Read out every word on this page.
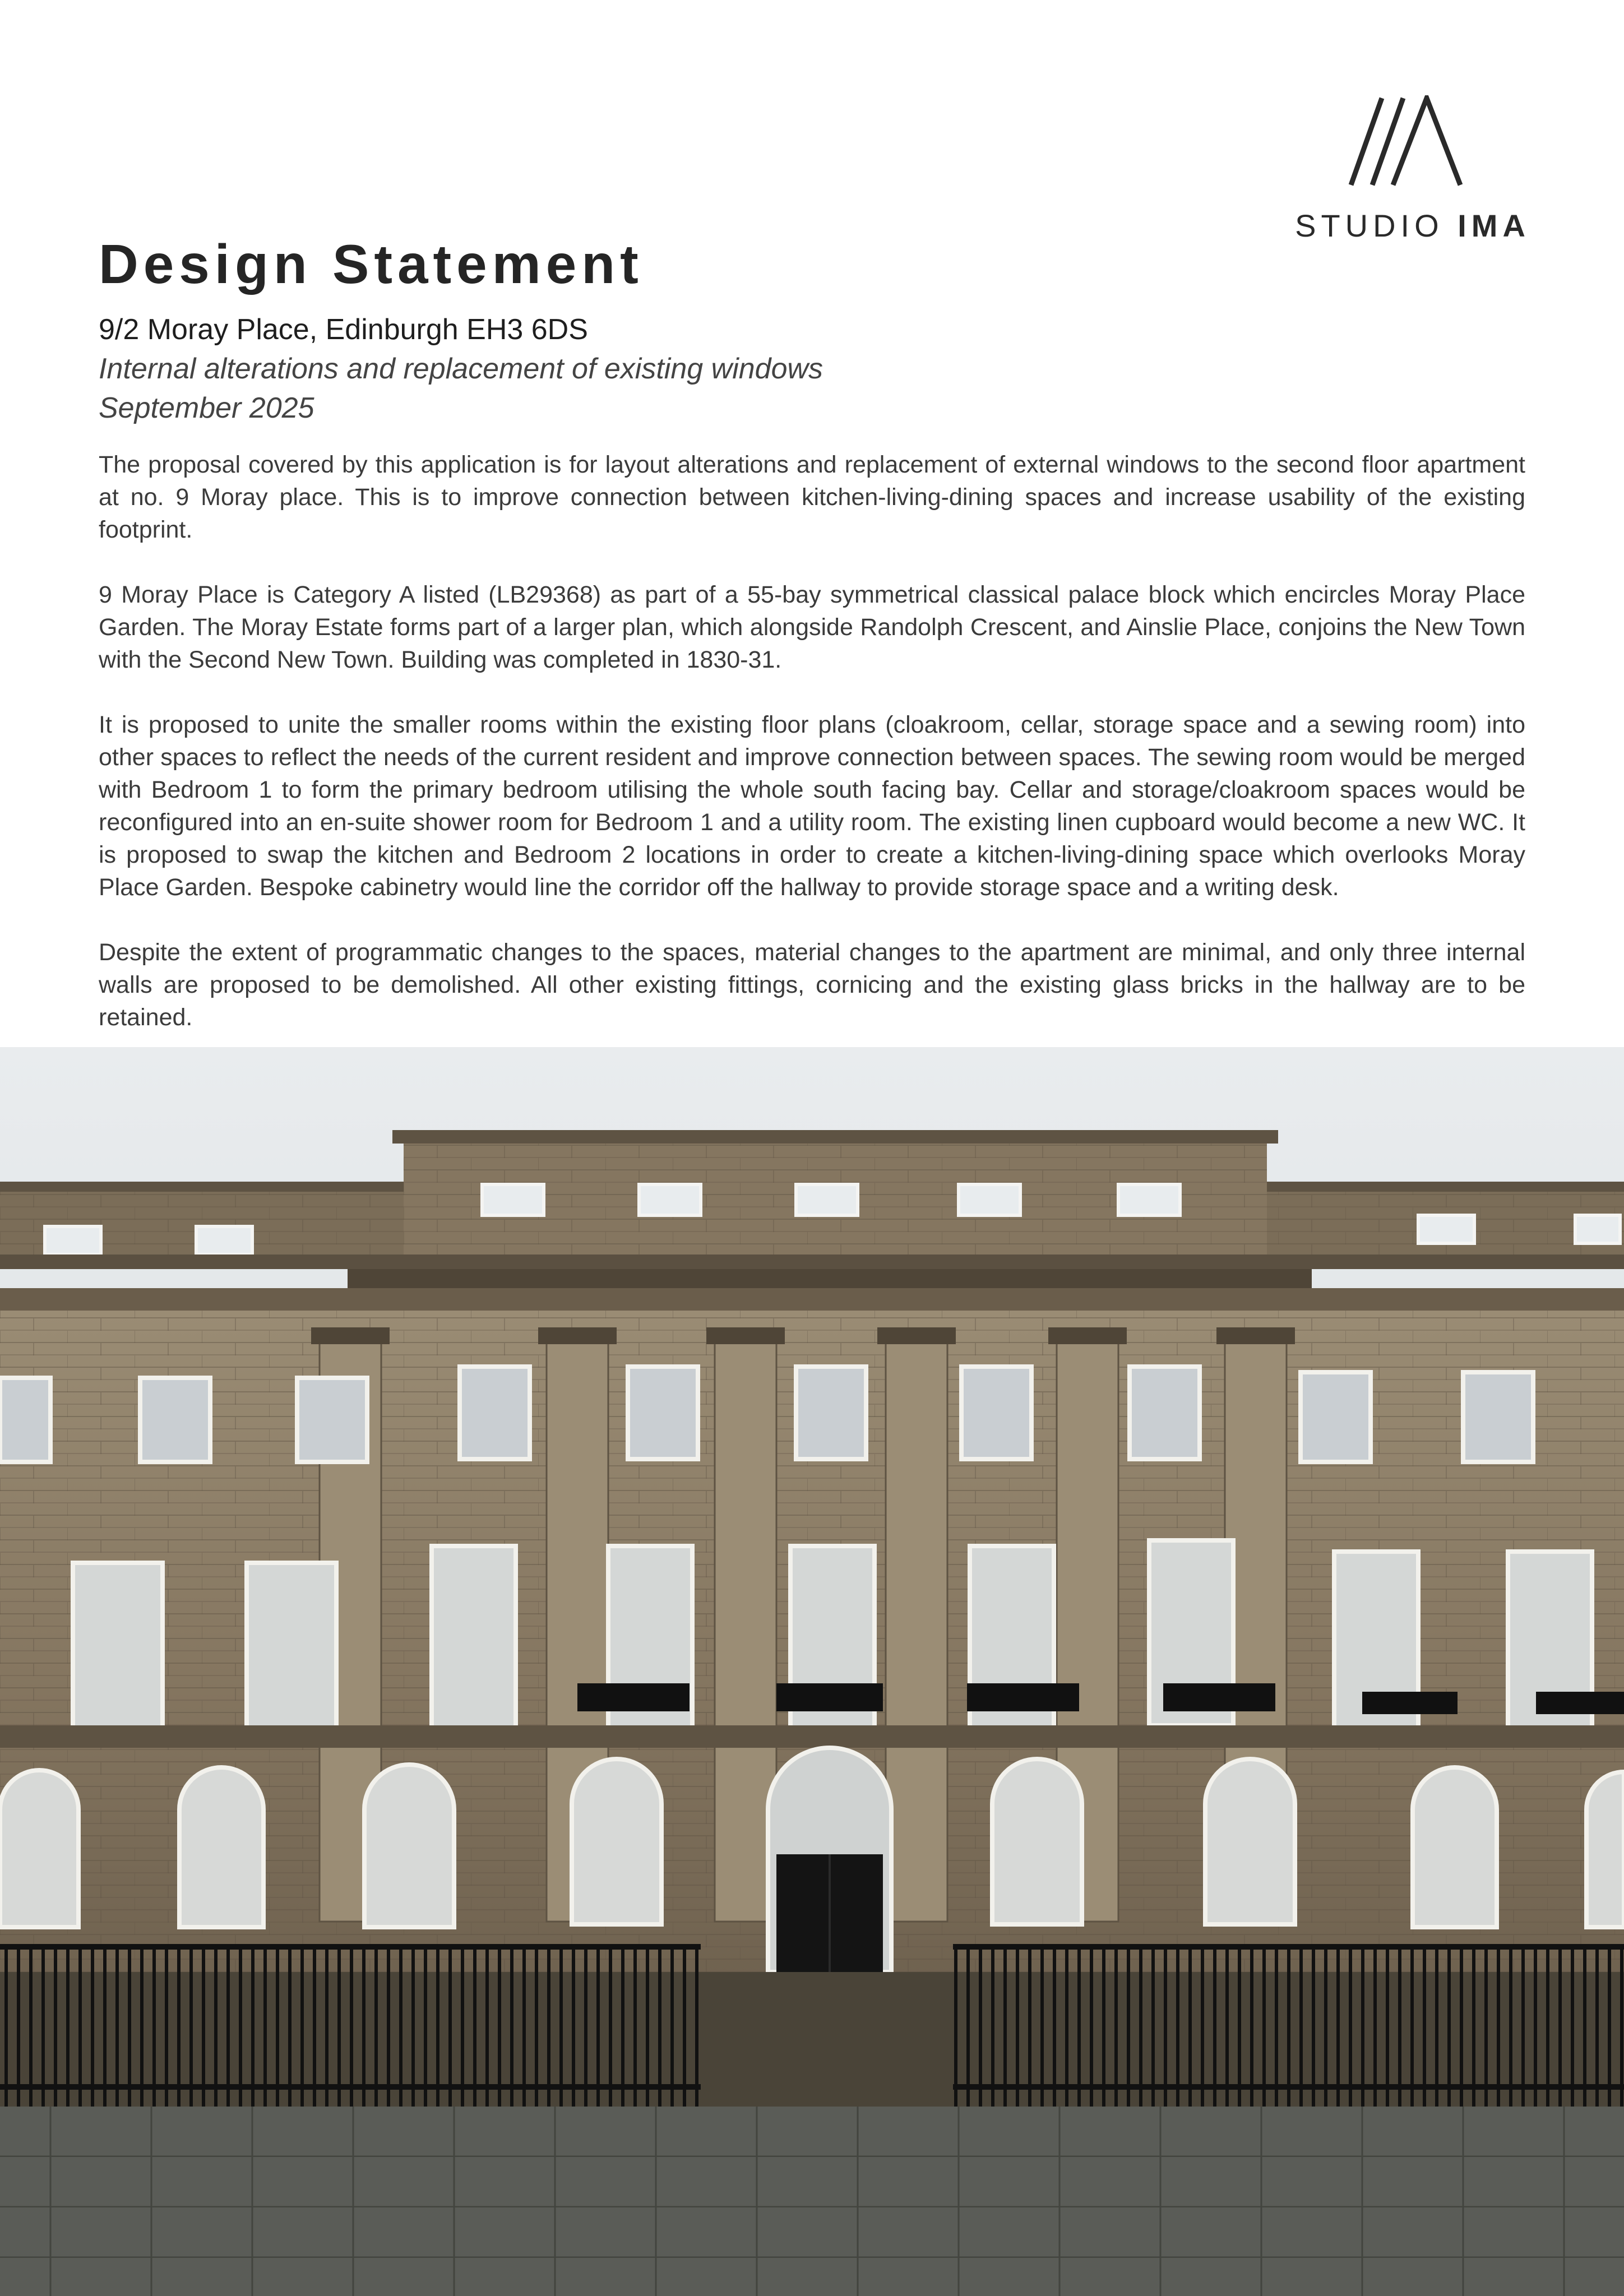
STUDIO IMA
Design Statement
9/2 Moray Place, Edinburgh EH3 6DS
Internal alterations and replacement of existing windows
September 2025

The proposal covered by this application is for layout alterations and replacement of external windows to the second floor apartment at no. 9 Moray place. This is to improve connection between kitchen-living-dining spaces and increase usability of the existing footprint.

9 Moray Place is Category A listed (LB29368) as part of a 55-bay symmetrical classical palace block which encircles Moray Place Garden. The Moray Estate forms part of a larger plan, which alongside Randolph Crescent, and Ainslie Place, conjoins the New Town with the Second New Town. Building was completed in 1830-31.

It is proposed to unite the smaller rooms within the existing floor plans (cloakroom, cellar, storage space and a sewing room) into other spaces to reflect the needs of the current resident and improve connection between spaces. The sewing room would be merged with Bedroom 1 to form the primary bedroom utilising the whole south facing bay. Cellar and storage/cloakroom spaces would be reconfigured into an en-suite shower room for Bedroom 1 and a utility room. The existing linen cupboard would become a new WC. It is proposed to swap the kitchen and Bedroom 2 locations in order to create a kitchen-living-dining space which overlooks Moray Place Garden. Bespoke cabinetry would line the corridor off the hallway to provide storage space and a writing desk.

Despite the extent of programmatic changes to the spaces, material changes to the apartment are minimal, and only three internal walls are proposed to be demolished. All other existing fittings, cornicing and the existing glass bricks in the hallway are to be retained.
